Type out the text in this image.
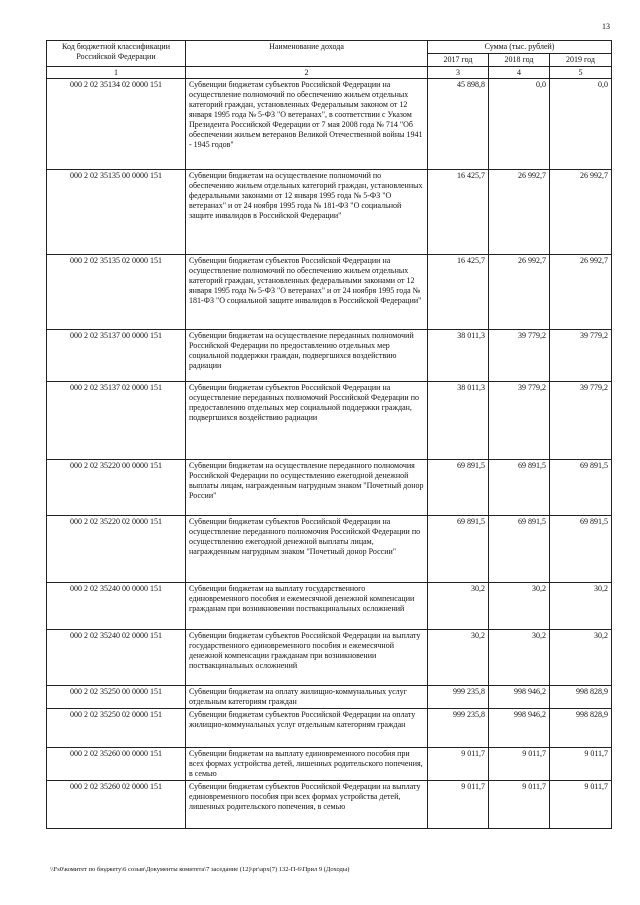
13
Код бюджетной классификации Российской Федерации	Наименование дохода	Сумма (тыс. рублей)		
		2017 год	2018 год	2019 год
1	2	3	4	5
000 2 02 35134 02 0000 151	Субвенции бюджетам субъектов Российской Федерации на осуществление полномочий по обеспечению жильем отдельных категорий граждан, установленных Федеральным законом от 12 января 1995 года № 5-ФЗ "О ветеранах", в соответствии с Указом Президента Российской Федерации от 7 мая 2008 года № 714 "Об обеспечении жильем ветеранов Великой Отечественной войны 1941 - 1945 годов"	45 898,8	0,0	0,0
000 2 02 35135 00 0000 151	Субвенции бюджетам на осуществление полномочий по обеспечению жильем отдельных категорий граждан, установленных федеральными законами от 12 января 1995 года № 5-ФЗ "О ветеранах" и от 24 ноября 1995 года № 181-ФЗ "О социальной защите инвалидов в Российской Федерации"	16 425,7	26 992,7	26 992,7
000 2 02 35135 02 0000 151	Субвенции бюджетам субъектов Российской Федерации на осуществление полномочий по обеспечению жильем отдельных категорий граждан, установленных федеральными законами от 12 января 1995 года № 5-ФЗ "О ветеранах" и от 24 ноября 1995 года № 181-ФЗ "О социальной защите инвалидов в Российской Федерации"	16 425,7	26 992,7	26 992,7
000 2 02 35137 00 0000 151	Субвенции бюджетам на осуществление переданных полномочий Российской Федерации по предоставлению отдельных мер социальной поддержки граждан, подвергшихся воздействию радиации	38 011,3	39 779,2	39 779,2
000 2 02 35137 02 0000 151	Субвенции бюджетам субъектов Российской Федерации на осуществление переданных полномочий Российской Федерации по предоставлению отдельных мер социальной поддержки граждан, подвергшихся воздействию радиации	38 011,3	39 779,2	39 779,2
000 2 02 35220 00 0000 151	Субвенции бюджетам на осуществление переданного полномочия Российской Федерации по осуществлению ежегодной денежной выплаты лицам, награжденным нагрудным знаком "Почетный донор России"	69 891,5	69 891,5	69 891,5
000 2 02 35220 02 0000 151	Субвенции бюджетам субъектов Российской Федерации на осуществление переданного полномочия Российской Федерации по осуществлению ежегодной денежной выплаты лицам, награжденным нагрудным знаком "Почетный донор России"	69 891,5	69 891,5	69 891,5
000 2 02 35240 00 0000 151	Субвенции бюджетам на выплату государственного единовременного пособия и ежемесячной денежной компенсации гражданам при возникновении поствакцинальных осложнений	30,2	30,2	30,2
000 2 02 35240 02 0000 151	Субвенции бюджетам субъектов Российской Федерации на выплату государственного единовременного пособия и ежемесячной денежной компенсации гражданам при возникновении поствакцинальных осложнений	30,2	30,2	30,2
000 2 02 35250 00 0000 151	Субвенции бюджетам на оплату жилищно-коммунальных услуг отдельным категориям граждан	999 235,8	998 946,2	998 828,9
000 2 02 35250 02 0000 151	Субвенции бюджетам субъектов Российской Федерации на оплату жилищно-коммунальных услуг отдельным категориям граждан	999 235,8	998 946,2	998 828,9
000 2 02 35260 00 0000 151	Субвенции бюджетам на выплату единовременного пособия при всех формах устройства детей, лишенных родительского попечения, в семью	9 011,7	9 011,7	9 011,7
000 2 02 35260 02 0000 151	Субвенции бюджетам субъектов Российской Федерации на выплату единовременного пособия при всех формах устройства детей, лишенных родительского попечения, в семью	9 011,7	9 011,7	9 011,7
\\Fs0\комитет по бюджету\6 созыв\Документы комитета\7 заседание (12)\рг\арх(7) 132-П-6\Прил 9 (Доходы)
